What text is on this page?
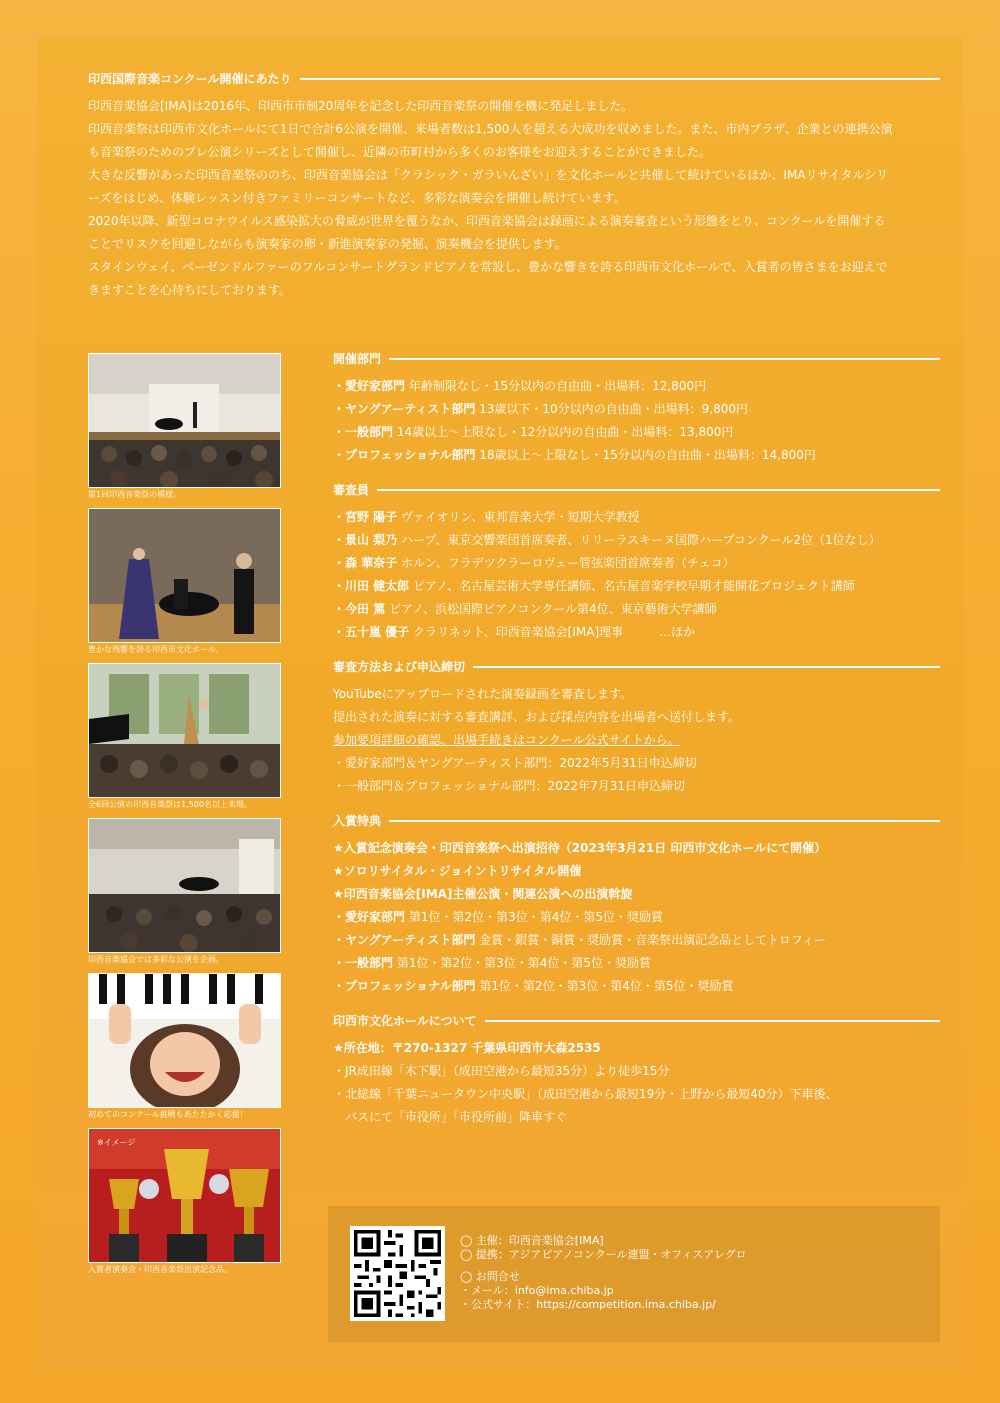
印西国際音楽コンクール開催にあたり

印西音楽協会[IMA]は2016年、印西市市制20周年を記念した印西音楽祭の開催を機に発足しました。

印西音楽祭は印西市文化ホールにて1日で合計6公演を開催、来場者数は1,500人を超える大成功を収めました。また、市内プラザ、企業との連携公演

も音楽祭のためのプレ公演シリーズとして開催し、近隣の市町村から多くのお客様をお迎えすることができました。

大きな反響があった印西音楽祭ののち、印西音楽協会は「クラシック・ガラいんざい」を文化ホールと共催して続けているほか、IMAリサイタルシリ

ーズをはじめ、体験レッスン付きファミリーコンサートなど、多彩な演奏会を開催し続けています。

2020年以降、新型コロナウイルス感染拡大の脅威が世界を覆うなか、印西音楽協会は録画による演奏審査という形態をとり、コンクールを開催する

ことでリスクを回避しながらも演奏家の卵・新進演奏家の発掘、演奏機会を提供します。

スタインウェイ、ベーゼンドルファーのフルコンサートグランドピアノを常設し、豊かな響きを誇る印西市文化ホールで、入賞者の皆さまをお迎えで

きますことを心待ちにしております。

第1回印西音楽祭の模様。
豊かな残響を誇る印西市文化ホール。
全6回公演の印西音楽祭は1,500名以上来場。
印西音楽協会では多彩な公演を企画。
初めてのコンクール挑戦もあたたかく応援！
※イメージ
入賞者演奏会・印西音楽祭出演記念品。
開催部門
・愛好家部門 年齢制限なし・15分以内の自由曲・出場料：12,800円
・ヤングアーティスト部門 13歳以下・10分以内の自由曲・出場料：9,800円
・一般部門 14歳以上〜上限なし・12分以内の自由曲・出場料：13,800円
・プロフェッショナル部門 18歳以上〜上限なし・15分以内の自由曲・出場料：14,800円
審査員
・宮野 陽子 ヴァイオリン、東邦音楽大学・短期大学教授
・景山 梨乃 ハープ、東京交響楽団首席奏者、リリーラスキーヌ国際ハープコンクール2位（1位なし）
・森 華奈子 ホルン、フラデツクラーロヴェー管弦楽団首席奏者（チェコ）
・川田 健太郎 ピアノ、名古屋芸術大学専任講師、名古屋音楽学校早期才能開花プロジェクト講師
・今田 篤 ピアノ、浜松国際ピアノコンクール第4位、東京藝術大学講師
・五十嵐 優子 クラリネット、印西音楽協会[IMA]理事　　　…ほか
審査方法および申込締切
YouTubeにアップロードされた演奏録画を審査します。
提出された演奏に対する審査講評、および採点内容を出場者へ送付します。
参加要項詳細の確認、出場手続きはコンクール公式サイトから。
・愛好家部門＆ヤングアーティスト部門：2022年5月31日申込締切
・一般部門＆プロフェッショナル部門：2022年7月31日申込締切
入賞特典
★入賞記念演奏会・印西音楽祭へ出演招待（2023年3月21日 印西市文化ホールにて開催）
★ソロリサイタル・ジョイントリサイタル開催
★印西音楽協会[IMA]主催公演・関連公演への出演斡旋
・愛好家部門 第1位・第2位・第3位・第4位・第5位・奨励賞
・ヤングアーティスト部門 金賞・銀賞・銅賞・奨励賞・音楽祭出演記念品としてトロフィー
・一般部門 第1位・第2位・第3位・第4位・第5位・奨励賞
・プロフェッショナル部門 第1位・第2位・第3位・第4位・第5位・奨励賞
印西市文化ホールについて
★所在地：〒270-1327 千葉県印西市大森2535
・JR成田線「木下駅」（成田空港から最短35分）より徒歩15分
・北総線「千葉ニュータウン中央駅」（成田空港から最短19分・上野から最短40分）下車後、
　バスにて「市役所」「市役所前」降車すぐ
◯ 主催：印西音楽協会[IMA]
◯ 提携：アジアピアノコンクール連盟・オフィスアレグロ
◯ お問合せ
・メール：info@ima.chiba.jp
・公式サイト：https://competition.ima.chiba.jp/
